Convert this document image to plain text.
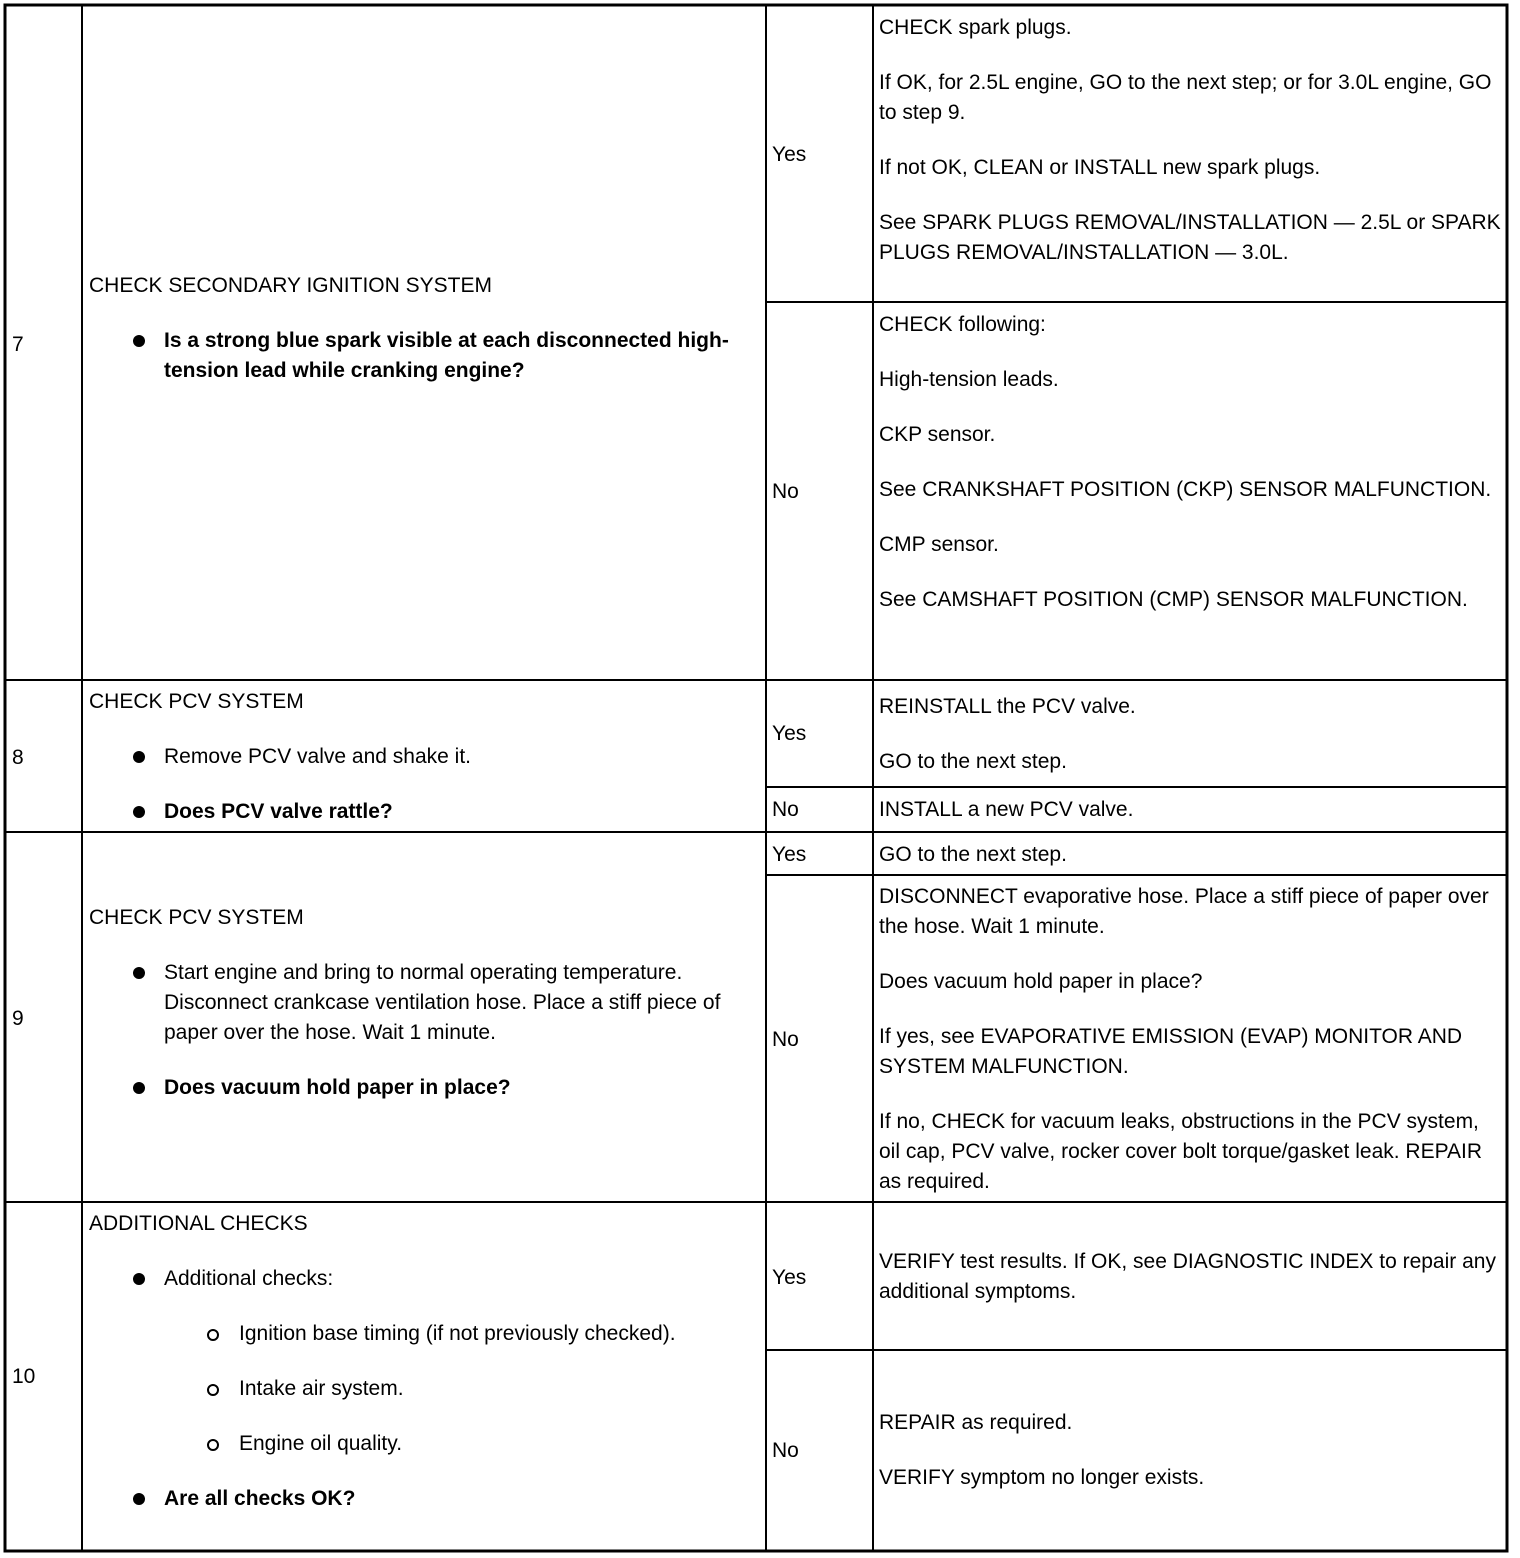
7

CHECK SECONDARY IGNITION SYSTEM

Is a strong blue spark visible at each disconnected high-tension lead while cranking engine?
Yes

CHECK spark plugs.

If OK, for 2.5L engine, GO to the next step; or for 3.0L engine, GO to step 9.

If not OK, CLEAN or INSTALL new spark plugs.

See SPARK PLUGS REMOVAL/INSTALLATION — 2.5L or SPARK PLUGS REMOVAL/INSTALLATION — 3.0L.

No

CHECK following:

High-tension leads.

CKP sensor.

See CRANKSHAFT POSITION (CKP) SENSOR MALFUNCTION.

CMP sensor.

See CAMSHAFT POSITION (CMP) SENSOR MALFUNCTION.

8

CHECK PCV SYSTEM

Remove PCV valve and shake it.
Does PCV valve rattle?
Yes

REINSTALL the PCV valve.

GO to the next step.

No	INSTALL a new PCV valve.

9

CHECK PCV SYSTEM

Start engine and bring to normal operating temperature. Disconnect crankcase ventilation hose. Place a stiff piece of paper over the hose. Wait 1 minute.
Does vacuum hold paper in place?
Yes	GO to the next step.

No

DISCONNECT evaporative hose. Place a stiff piece of paper over the hose. Wait 1 minute.

Does vacuum hold paper in place?

If yes, see EVAPORATIVE EMISSION (EVAP) MONITOR AND SYSTEM MALFUNCTION.

If no, CHECK for vacuum leaks, obstructions in the PCV system, oil cap, PCV valve, rocker cover bolt torque/gasket leak. REPAIR as required.

10

ADDITIONAL CHECKS

Additional checks:
Ignition base timing (if not previously checked).
Intake air system.
Engine oil quality.
Are all checks OK?
Yes

VERIFY test results. If OK, see DIAGNOSTIC INDEX to repair any additional symptoms.

No

REPAIR as required.

VERIFY symptom no longer exists.
